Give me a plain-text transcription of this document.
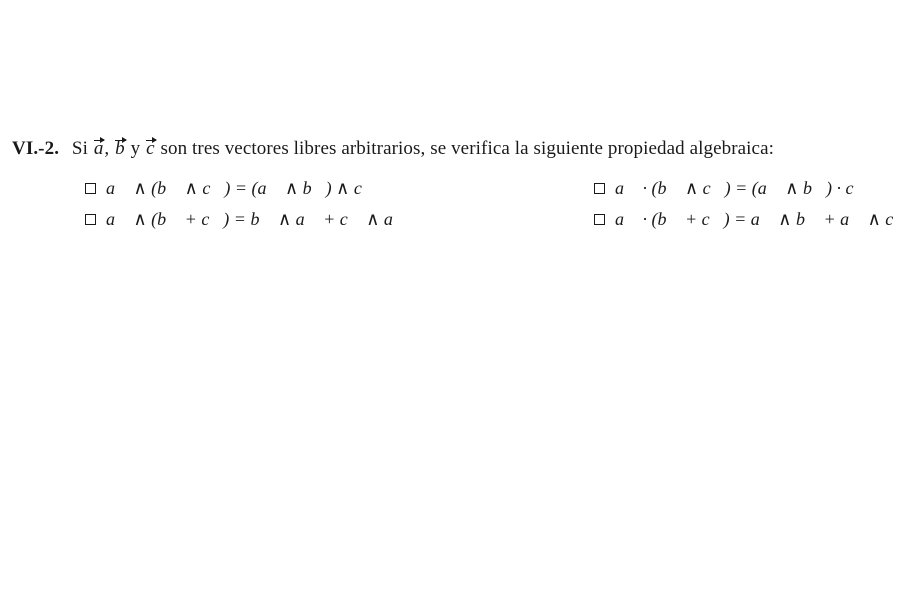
VI.-2. Si a, b y c son tres vectores libres arbitrarios, se verifica la siguiente propiedad algebraica:
a⃗ ∧ (b⃗ ∧ c⃗) = (a⃗ ∧ b⃗) ∧ c⃗	a⃗ · (b⃗ ∧ c⃗) = (a⃗ ∧ b⃗) · c⃗
a⃗ ∧ (b⃗ + c⃗) = b⃗ ∧ a⃗ + c⃗ ∧ a⃗	a⃗ · (b⃗ + c⃗) = a⃗ ∧ b⃗ + a⃗ ∧ c⃗
